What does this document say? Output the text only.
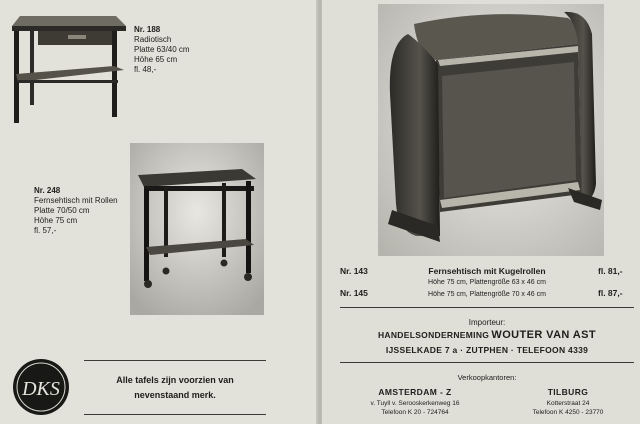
Nr. 188
Radiotisch
Platte 63/40 cm
Höhe 65 cm
fl. 48,-
Nr. 248
Fernsehtisch mit Rollen
Platte 70/50 cm
Höhe 75 cm
fl. 57,-
DKS	Alle tafels zijn voorzien van
nevenstaand merk.
Nr. 143	Fernsehtisch mit Kugelrollen	fl. 81,-
Höhe 75 cm, Plattengröße 63 x 46 cm
Nr. 145	Höhe 75 cm, Plattengröße 70 x 46 cm	fl. 87,-
Importeur:
HANDELSONDERNEMING WOUTER VAN AST
IJSSELKADE 7 a · ZUTPHEN · TELEFOON 4339
Verkoopkantoren:
AMSTERDAM - Z
v. Tuyll v. Serooskerkenweg 16
Telefoon K 20 - 724764
TILBURG
Kotterstraat 24
Telefoon K 4250 - 23770
